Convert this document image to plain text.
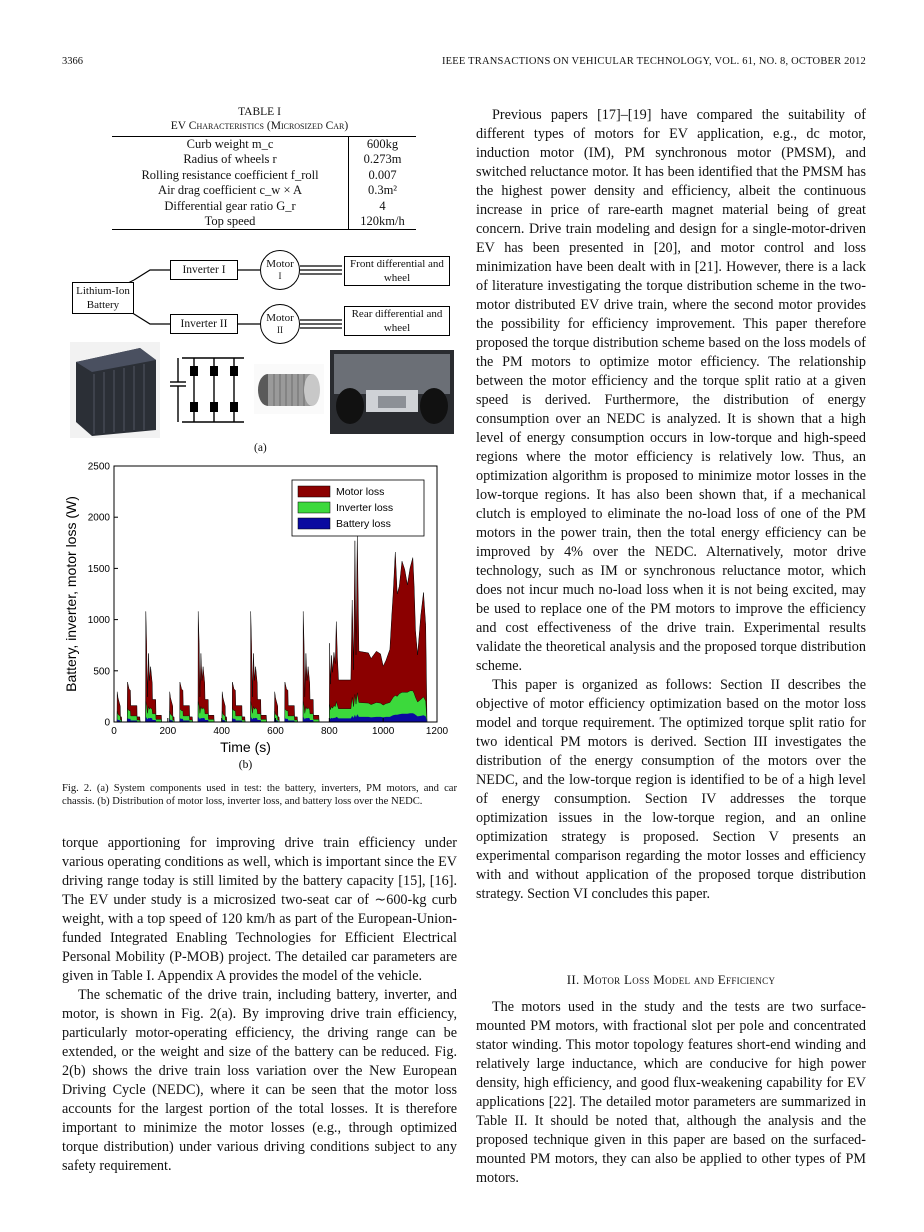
3366	IEEE TRANSACTIONS ON VEHICULAR TECHNOLOGY, VOL. 61, NO. 8, OCTOBER 2012
TABLE I
EV Characteristics (Microsized Car)
Curb weight m_c	600kg
Radius of wheels r	0.273m
Rolling resistance coefficient f_roll	0.007
Air drag coefficient c_w × A	0.3m²
Differential gear ratio G_r	4
Top speed	120km/h
Lithium-Ion Battery
Inverter I
Inverter II
Motor
I
Motor
II
Front differential and wheel
Rear differential and wheel
(a)
0	200	400	600	800	1000	1200
0
500
1000
1500
2000
2500
Time (s)
Battery, inverter, motor loss (W)
(b)
Motor loss
Inverter loss
Battery loss
Fig. 2. (a) System components used in test: the battery, inverters, PM motors, and car chassis. (b) Distribution of motor loss, inverter loss, and battery loss over the NEDC.

torque apportioning for improving drive train efficiency under various operating conditions as well, which is important since the EV driving range today is still limited by the battery capacity [15], [16]. The EV under study is a microsized two-seat car of ∼600-kg curb weight, with a top speed of 120 km/h as part of the European-Union-funded Integrated Enabling Technologies for Efficient Electrical Personal Mobility (P-MOB) project. The detailed car parameters are given in Table I. Appendix A provides the model of the vehicle.

The schematic of the drive train, including battery, inverter, and motor, is shown in Fig. 2(a). By improving drive train efficiency, particularly motor-operating efficiency, the driving range can be extended, or the weight and size of the battery can be reduced. Fig. 2(b) shows the drive train loss variation over the New European Driving Cycle (NEDC), where it can be seen that the motor loss accounts for the largest portion of the total losses. It is therefore important to minimize the motor losses (e.g., through optimized torque distribution) under various driving conditions subject to any safety requirement.

Previous papers [17]–[19] have compared the suitability of different types of motors for EV application, e.g., dc motor, induction motor (IM), PM synchronous motor (PMSM), and switched reluctance motor. It has been identified that the PMSM has the highest power density and efficiency, albeit the continuous increase in price of rare-earth magnet material being of great concern. Drive train modeling and design for a single-motor-driven EV has been presented in [20], and motor control and loss minimization have been dealt with in [21]. However, there is a lack of literature investigating the torque distribution scheme in the two-motor distributed EV drive train, where the second motor provides the possibility for efficiency improvement. This paper therefore proposed the torque distribution scheme based on the loss models of the PM motors to optimize motor efficiency. The relationship between the motor efficiency and the torque split ratio at a given speed is derived. Furthermore, the distribution of energy consumption over an NEDC is analyzed. It is shown that a high level of energy consumption occurs in low-torque and high-speed regions where the motor efficiency is relatively low. Thus, an optimization algorithm is proposed to minimize motor losses in the low-torque regions. It has also been shown that, if a mechanical clutch is employed to eliminate the no-load loss of one of the PM motors in the power train, then the total energy efficiency can be improved by 4% over the NEDC. Alternatively, motor drive technology, such as IM or synchronous reluctance motor, which does not incur much no-load loss when it is not being excited, may be used to replace one of the PM motors to improve the efficiency and cost effectiveness of the drive train. Experimental results validate the theoretical analysis and the proposed torque distribution scheme.

This paper is organized as follows: Section II describes the objective of motor efficiency optimization based on the motor loss model and torque requirement. The optimized torque split ratio for two identical PM motors is derived. Section III investigates the distribution of the energy consumption of the motors over the NEDC, and the low-torque region is identified to be of a high level of energy consumption. Section IV addresses the torque optimization issues in the low-torque region, and an online optimization strategy is proposed. Section V presents an experimental comparison regarding the motor losses and efficiency with and without application of the proposed torque distribution strategy. Section VI concludes this paper.

II. Motor Loss Model and Efficiency

The motors used in the study and the tests are two surface-mounted PM motors, with fractional slot per pole and concentrated stator winding. This motor topology features short-end winding and relatively large inductance, which are conducive for high power density, high efficiency, and good flux-weakening capability for EV applications [22]. The detailed motor parameters are summarized in Table II. It should be noted that, although the analysis and the proposed technique given in this paper are based on the surfaced-mounted PM motors, they can also be applied to other types of PM motors.
